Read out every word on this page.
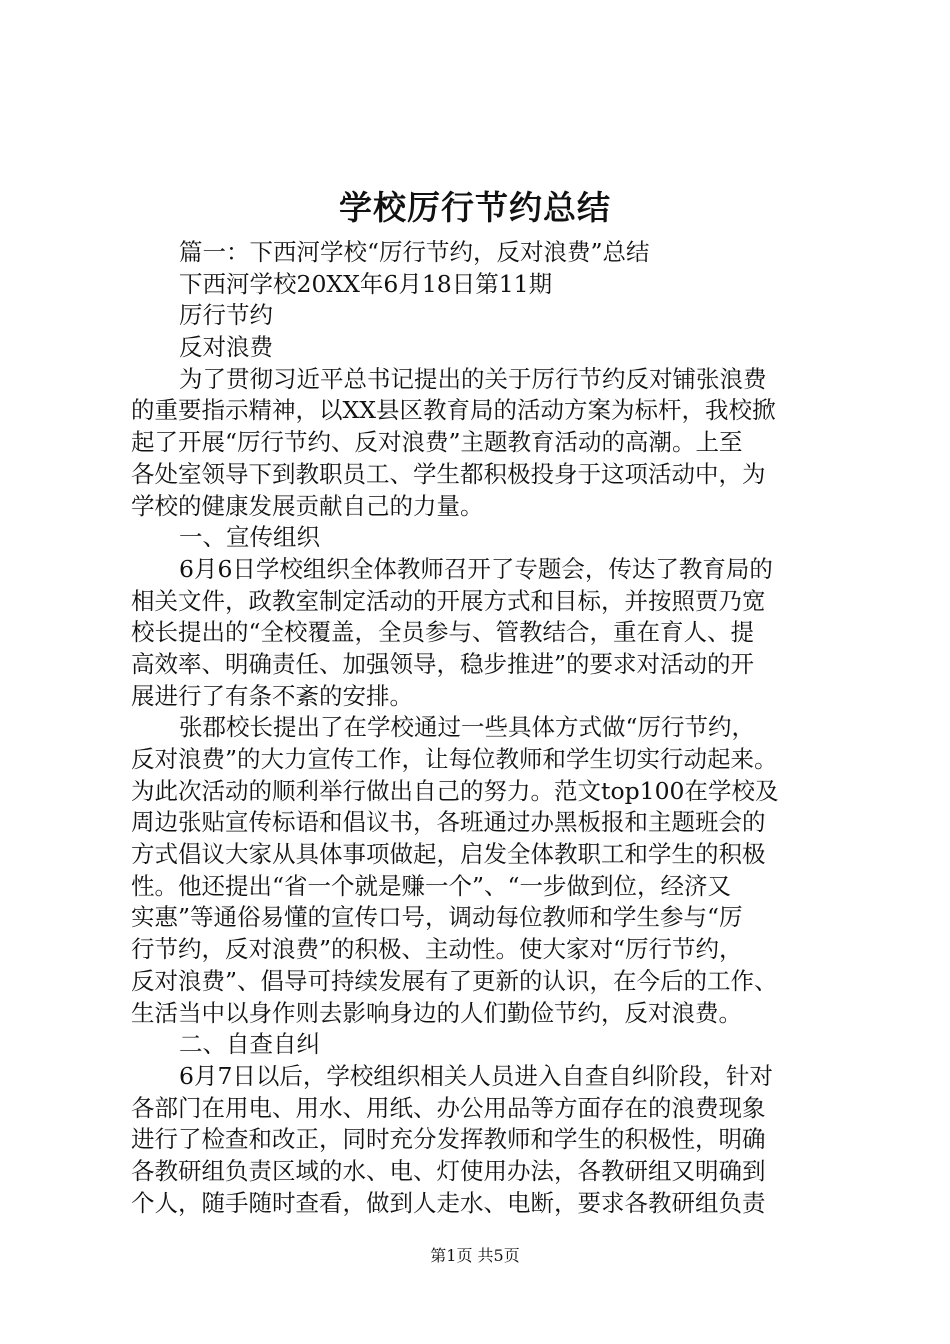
学校厉行节约总结
篇一：下西河学校“厉行节约，反对浪费”总结
下西河学校20XX年6月18日第11期
厉行节约
反对浪费
为了贯彻习近平总书记提出的关于厉行节约反对铺张浪费
的重要指示精神，以XX县区教育局的活动方案为标杆，我校掀
起了开展“厉行节约、反对浪费”主题教育活动的高潮。上至
各处室领导下到教职员工、学生都积极投身于这项活动中，为
学校的健康发展贡献自己的力量。
一、宣传组织
6月6日学校组织全体教师召开了专题会，传达了教育局的
相关文件，政教室制定活动的开展方式和目标，并按照贾乃宽
校长提出的“全校覆盖，全员参与、管教结合，重在育人、提
高效率、明确责任、加强领导，稳步推进”的要求对活动的开
展进行了有条不紊的安排。
张郡校长提出了在学校通过一些具体方式做“厉行节约，
反对浪费”的大力宣传工作，让每位教师和学生切实行动起来。
为此次活动的顺利举行做出自己的努力。范文top100在学校及
周边张贴宣传标语和倡议书，各班通过办黑板报和主题班会的
方式倡议大家从具体事项做起，启发全体教职工和学生的积极
性。他还提出“省一个就是赚一个”、“一步做到位，经济又
实惠”等通俗易懂的宣传口号，调动每位教师和学生参与“厉
行节约，反对浪费”的积极、主动性。使大家对“厉行节约，
反对浪费”、倡导可持续发展有了更新的认识，在今后的工作、
生活当中以身作则去影响身边的人们勤俭节约，反对浪费。
二、自查自纠
6月7日以后，学校组织相关人员进入自查自纠阶段，针对
各部门在用电、用水、用纸、办公用品等方面存在的浪费现象
进行了检查和改正，同时充分发挥教师和学生的积极性，明确
各教研组负责区域的水、电、灯使用办法，各教研组又明确到
个人，随手随时查看，做到人走水、电断，要求各教研组负责
第1页 共5页
